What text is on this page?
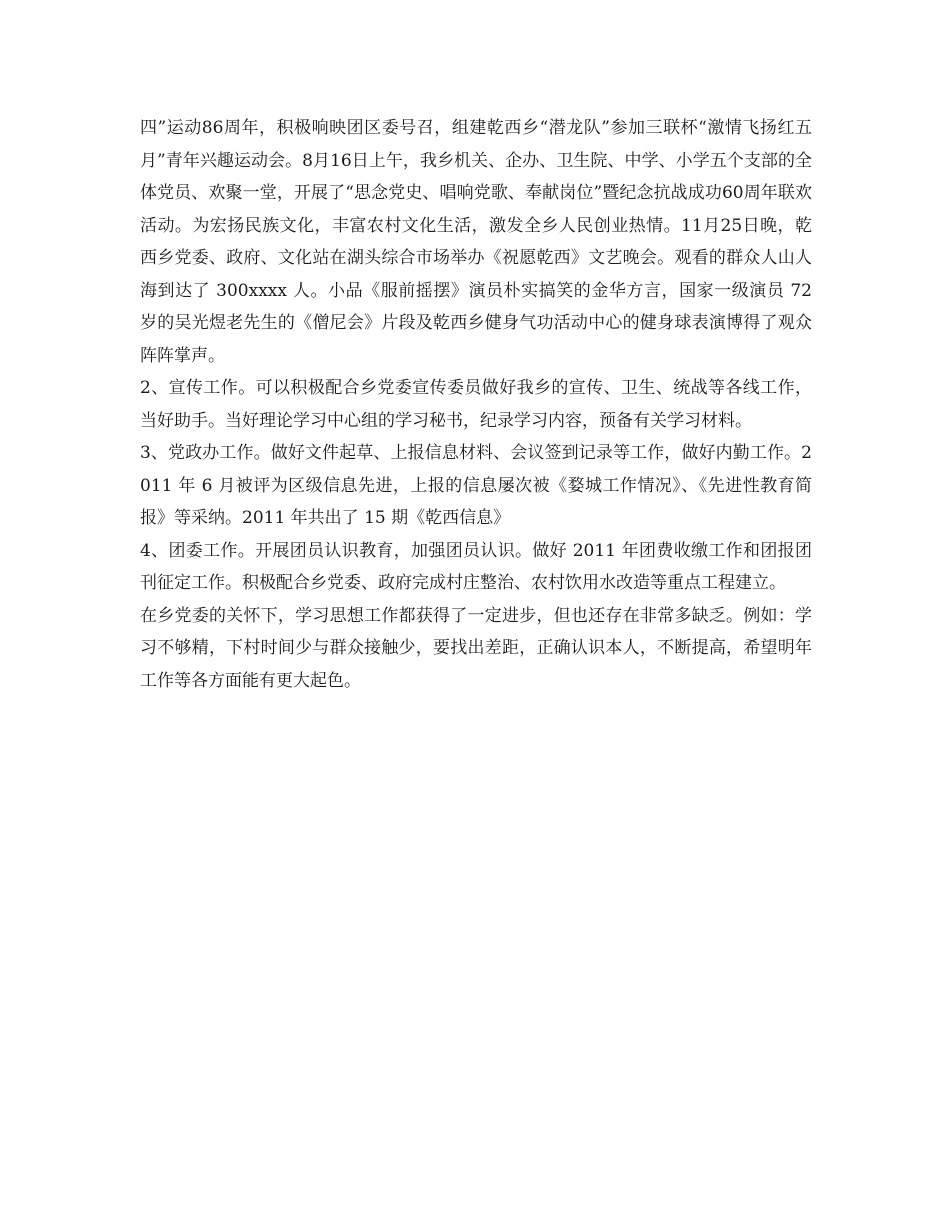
四”运动86周年，积极响映团区委号召，组建乾西乡“潜龙队”参加三联杯“激情飞扬红五月”青年兴趣运动会。8月16日上午，我乡机关、企办、卫生院、中学、小学五个支部的全体党员、欢聚一堂，开展了“思念党史、唱响党歌、奉献岗位”暨纪念抗战成功60周年联欢活动。为宏扬民族文化，丰富农村文化生活，激发全乡人民创业热情。11月25日晚，乾西乡党委、政府、文化站在湖头综合市场举办《祝愿乾西》文艺晚会。观看的群众人山人海到达了 300xxxx 人。小品《服前摇摆》演员朴实搞笑的金华方言，国家一级演员 72 岁的吴光煜老先生的《僧尼会》片段及乾西乡健身气功活动中心的健身球表演博得了观众阵阵掌声。

2、宣传工作。可以积极配合乡党委宣传委员做好我乡的宣传、卫生、统战等各线工作，当好助手。当好理论学习中心组的学习秘书，纪录学习内容，预备有关学习材料。

3、党政办工作。做好文件起草、上报信息材料、会议签到记录等工作，做好内勤工作。2011 年 6 月被评为区级信息先进，上报的信息屡次被《婺城工作情况》、《先进性教育简报》等采纳。2011 年共出了 15 期《乾西信息》

4、团委工作。开展团员认识教育，加强团员认识。做好 2011 年团费收缴工作和团报团刊征定工作。积极配合乡党委、政府完成村庄整治、农村饮用水改造等重点工程建立。

在乡党委的关怀下，学习思想工作都获得了一定进步，但也还存在非常多缺乏。例如：学习不够精，下村时间少与群众接触少，要找出差距，正确认识本人，不断提高，希望明年工作等各方面能有更大起色。
